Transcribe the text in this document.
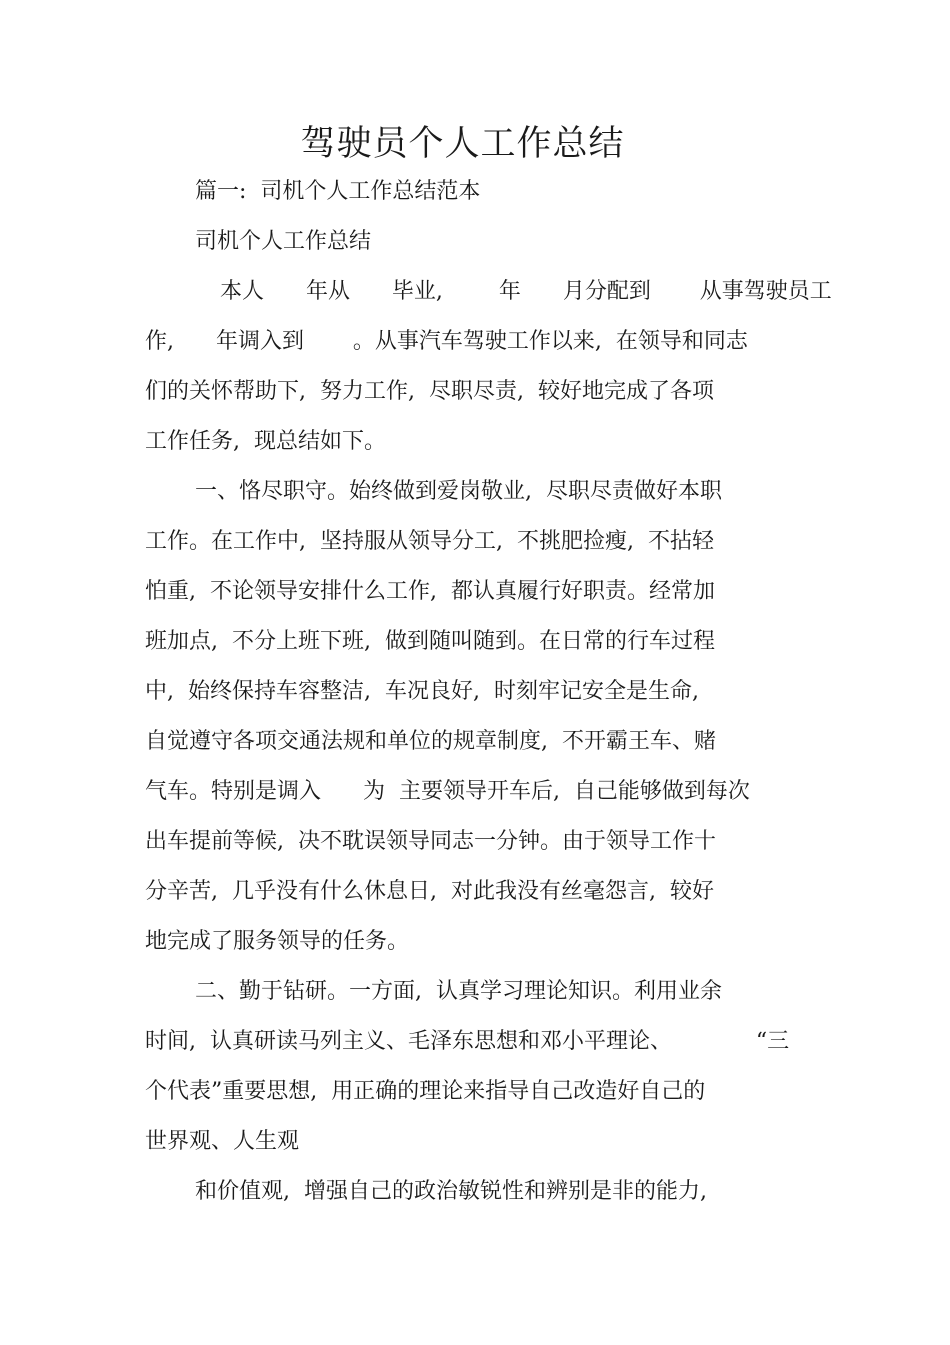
驾驶员个人工作总结
篇一:  司机个人工作总结范本
司机个人工作总结
本人      年从      毕业,        年      月分配到       从事驾驶员工
作,      年调入到       。从事汽车驾驶工作以来,  在领导和同志
们的关怀帮助下,  努力工作,  尽职尽责,  较好地完成了各项
工作任务,  现总结如下。
一、恪尽职守。始终做到爱岗敬业,  尽职尽责做好本职
工作。在工作中,  坚持服从领导分工,  不挑肥捡瘦,  不拈轻
怕重,  不论领导安排什么工作,  都认真履行好职责。经常加
班加点,  不分上班下班,  做到随叫随到。在日常的行车过程
中,  始终保持车容整洁,  车况良好,  时刻牢记安全是生命,
自觉遵守各项交通法规和单位的规章制度,  不开霸王车、赌
气车。特别是调入      为  主要领导开车后,  自己能够做到每次
出车提前等候,  决不耽误领导同志一分钟。由于领导工作十
分辛苦,  几乎没有什么休息日,  对此我没有丝毫怨言,  较好
地完成了服务领导的任务。
二、勤于钻研。一方面,  认真学习理论知识。利用业余
时间,  认真研读马列主义、毛泽东思想和邓小平理论、            “三
个代表”重要思想,  用正确的理论来指导自己改造好自己的
世界观、人生观
和价值观,  增强自己的政治敏锐性和辨别是非的能力,
